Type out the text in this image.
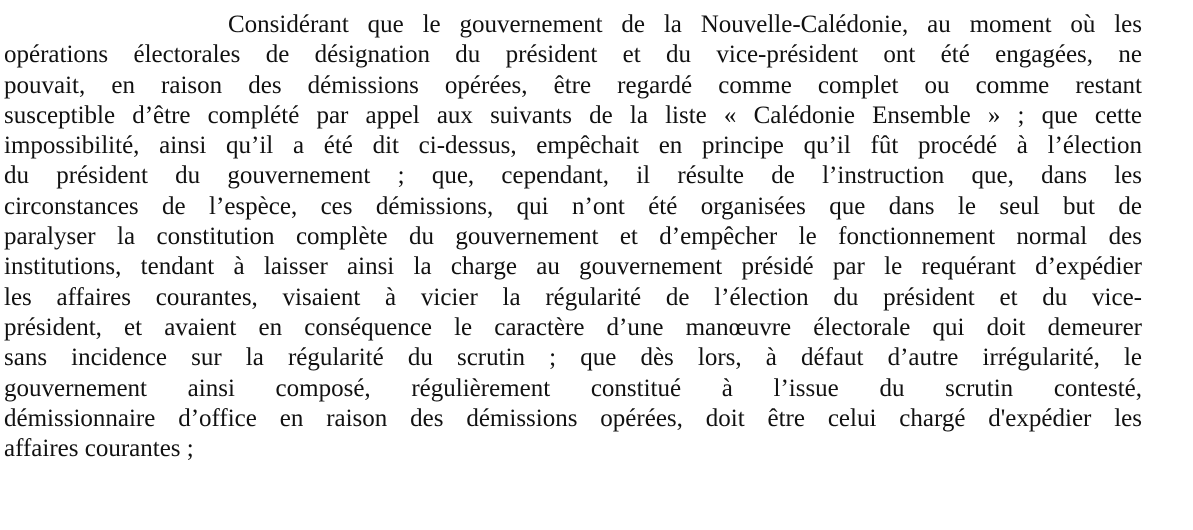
Considérant que le gouvernement de la Nouvelle-Calédonie, au moment où les
opérations électorales de désignation du président et du vice-président ont été engagées, ne
pouvait, en raison des démissions opérées, être regardé comme complet ou comme restant
susceptible d’être complété par appel aux suivants de la liste « Calédonie Ensemble » ; que cette
impossibilité, ainsi qu’il a été dit ci-dessus, empêchait en principe qu’il fût procédé à l’élection
du président du gouvernement ; que, cependant, il résulte de l’instruction que, dans les
circonstances de l’espèce, ces démissions, qui n’ont été organisées que dans le seul but de
paralyser la constitution complète du gouvernement et d’empêcher le fonctionnement normal des
institutions, tendant à laisser ainsi la charge au gouvernement présidé par le requérant d’expédier
les affaires courantes, visaient à vicier la régularité de l’élection du président et du vice-
président, et avaient en conséquence le caractère d’une manœuvre électorale qui doit demeurer
sans incidence sur la régularité du scrutin ; que dès lors, à défaut d’autre irrégularité, le
gouvernement ainsi composé, régulièrement constitué à l’issue du scrutin contesté,
démissionnaire d’office en raison des démissions opérées, doit être celui chargé d'expédier les
affaires courantes ;
